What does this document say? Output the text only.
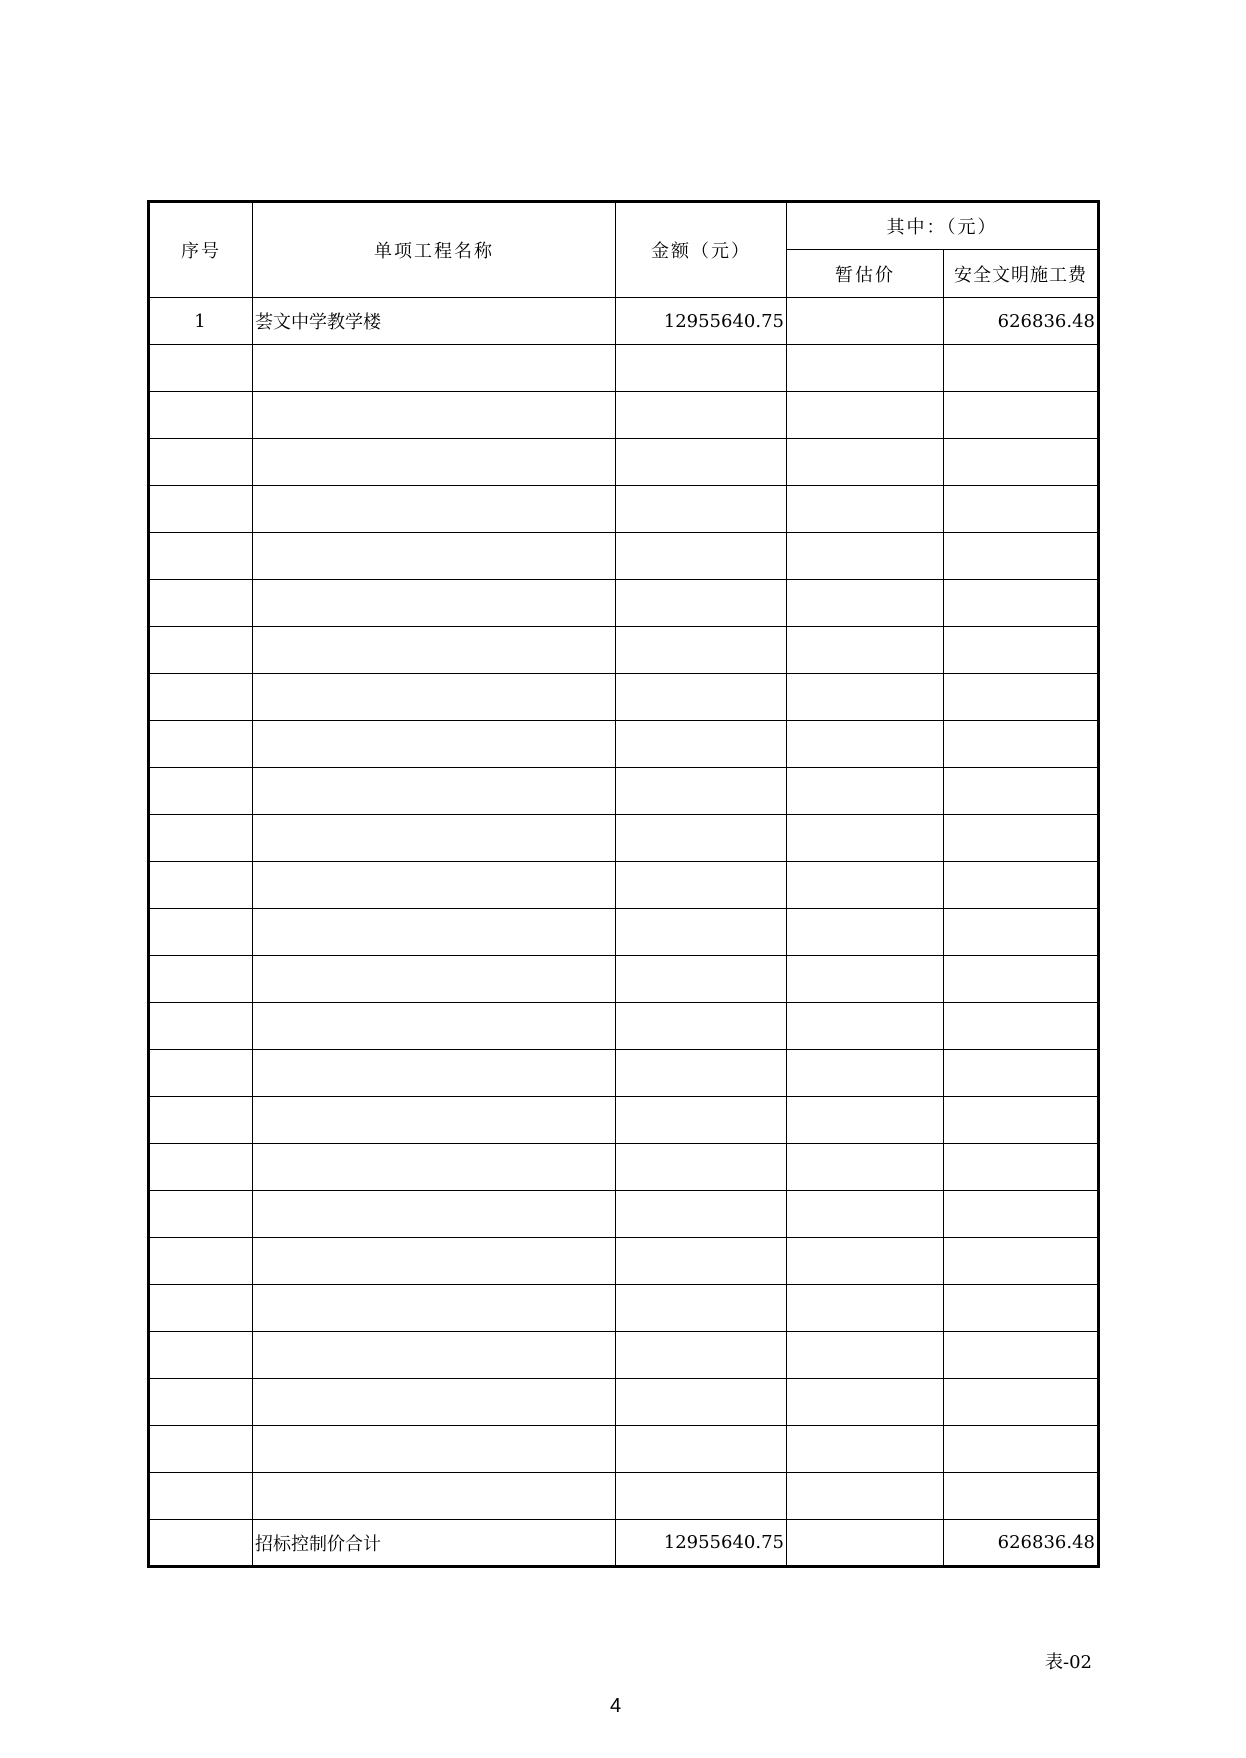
序号	单项工程名称	金额（元）	其中：（元）	
			暂估价	安全文明施工费
1	荟文中学教学楼	12955640.75		626836.48

	招标控制价合计	12955640.75		626836.48
表-02
4
